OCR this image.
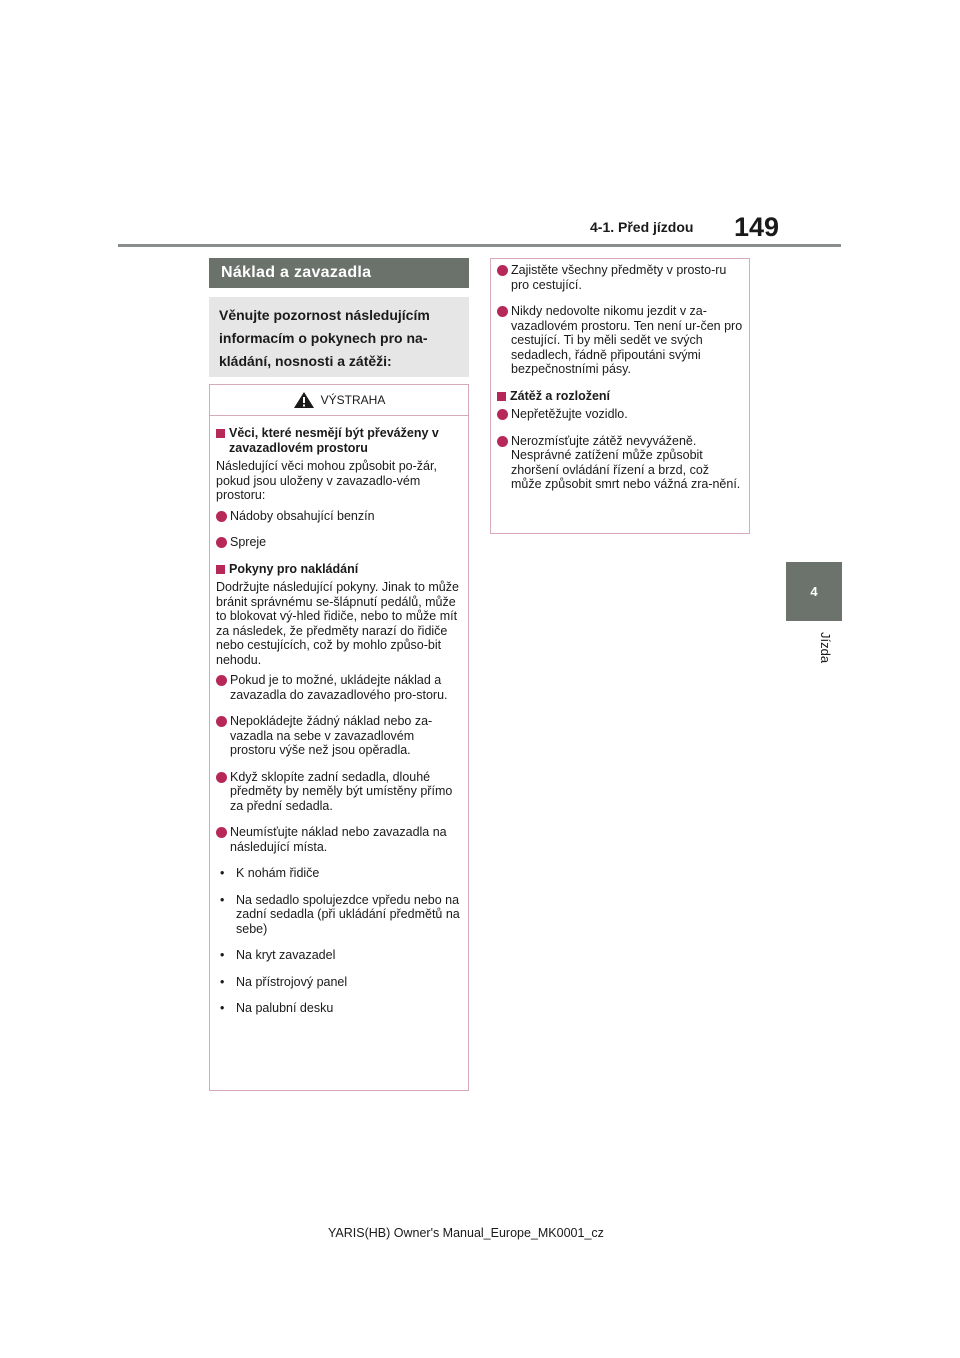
4-1. Před jízdou 149
4
Jízda
Náklad a zavazadla
Věnujte pozornost následujícím informacím o pokynech pro na-kládání, nosnosti a zátěži:
VÝSTRAHA
Věci, které nesmějí být převáženy v zavazadlovém prostoru
Následující věci mohou způsobit po-žár, pokud jsou uloženy v zavazadlo-vém prostoru:
Nádoby obsahující benzín
Spreje
Pokyny pro nakládání
Dodržujte následující pokyny. Jinak to může bránit správnému se-šlápnutí pedálů, může to blokovat vý-hled řidiče, nebo to může mít za následek, že předměty narazí do řidiče nebo cestujících, což by mohlo způso-bit nehodu.
Pokud je to možné, ukládejte náklad a zavazadla do zavazadlového pro-storu.
Nepokládejte žádný náklad nebo za-vazadla na sebe v zavazadlovém prostoru výše než jsou opěradla.
Když sklopíte zadní sedadla, dlouhé předměty by neměly být umístěny přímo za přední sedadla.
Neumísťujte náklad nebo zavazadla na následující místa.
• K nohám řidiče
• Na sedadlo spolujezdce vpředu nebo na zadní sedadla (při ukládání předmětů na sebe)
• Na kryt zavazadel
• Na přístrojový panel
• Na palubní desku
Zajistěte všechny předměty v prosto-ru pro cestující.
Nikdy nedovolte nikomu jezdit v za-vazadlovém prostoru. Ten není ur-čen pro cestující. Ti by měli sedět ve svých sedadlech, řádně připoutáni svými bezpečnostními pásy.
Zátěž a rozložení
Nepřetěžujte vozidlo.
Nerozmísťujte zátěž nevyváženě. Nesprávné zatížení může způsobit zhoršení ovládání řízení a brzd, což může způsobit smrt nebo vážná zra-nění.
YARIS(HB) Owner's Manual_Europe_MK0001_cz
